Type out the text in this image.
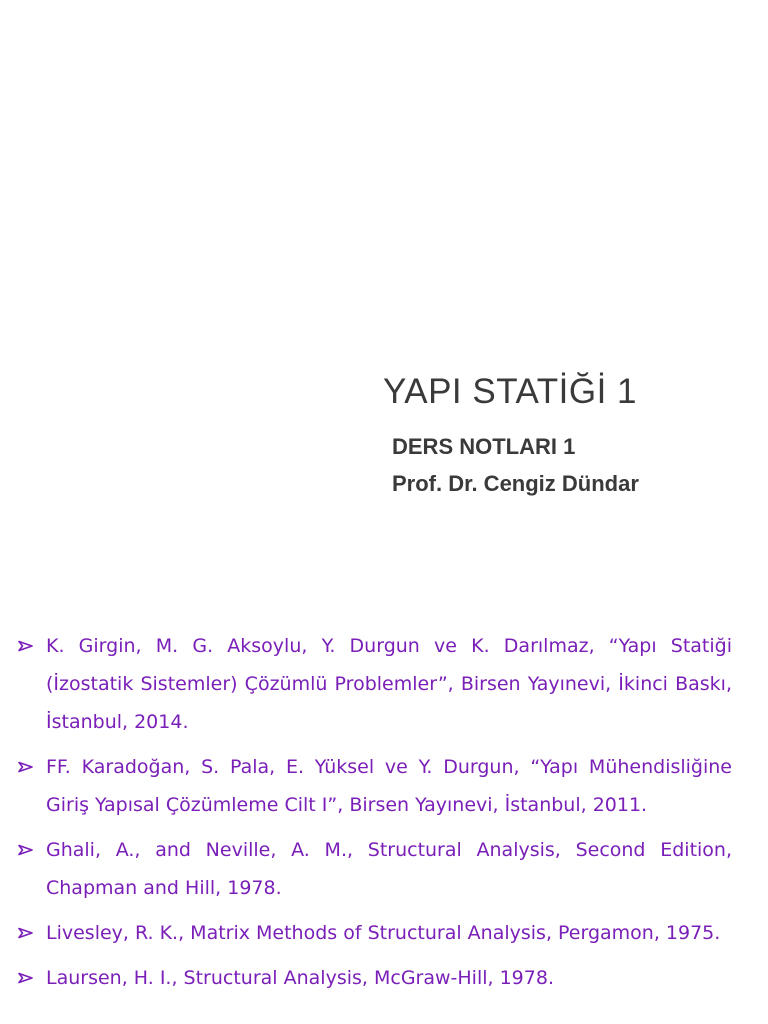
YAPI STATİĞİ 1
DERS NOTLARI 1
Prof. Dr. Cengiz Dündar
K. Girgin, M. G. Aksoylu, Y. Durgun ve K. Darılmaz, “Yapı Statiği (İzostatik Sistemler) Çözümlü Problemler”, Birsen Yayınevi, İkinci Baskı, İstanbul, 2014.
FF. Karadoğan, S. Pala, E. Yüksel ve Y. Durgun, “Yapı Mühendisliğine Giriş Yapısal Çözümleme Cilt I”, Birsen Yayınevi, İstanbul, 2011.
Ghali, A., and Neville, A. M., Structural Analysis, Second Edition, Chapman and Hill, 1978.
Livesley, R. K., Matrix Methods of Structural Analysis, Pergamon, 1975.
Laursen, H. I., Structural Analysis, McGraw-Hill, 1978.
